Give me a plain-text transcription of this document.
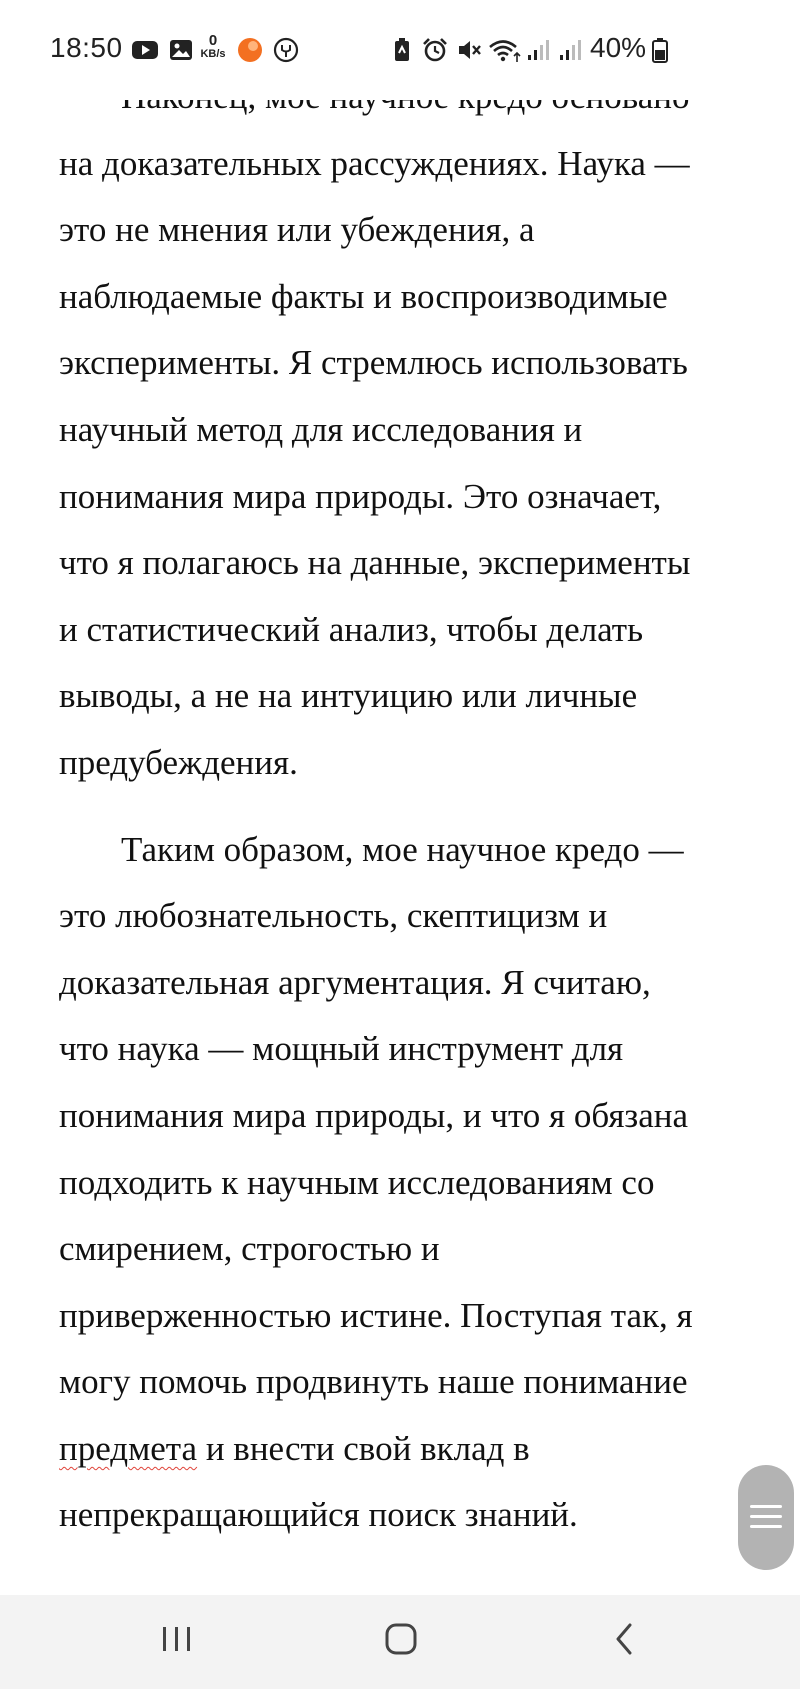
18:50	0
KB/s	40%
на доказательных рассуждениях. Наука —
это не мнения или убеждения, а
наблюдаемые факты и воспроизводимые
эксперименты. Я стремлюсь использовать
научный метод для исследования и
понимания мира природы. Это означает,
что я полагаюсь на данные, эксперименты
и статистический анализ, чтобы делать
выводы, а не на интуицию или личные
предубеждения.
Таким образом, мое научное кредо —
это любознательность, скептицизм и
доказательная аргументация. Я считаю,
что наука — мощный инструмент для
понимания мира природы, и что я обязана
подходить к научным исследованиям со
смирением, строгостью и
приверженностью истине. Поступая так, я
могу помочь продвинуть наше понимание
предмета и внести свой вклад в
непрекращающийся поиск знаний.
